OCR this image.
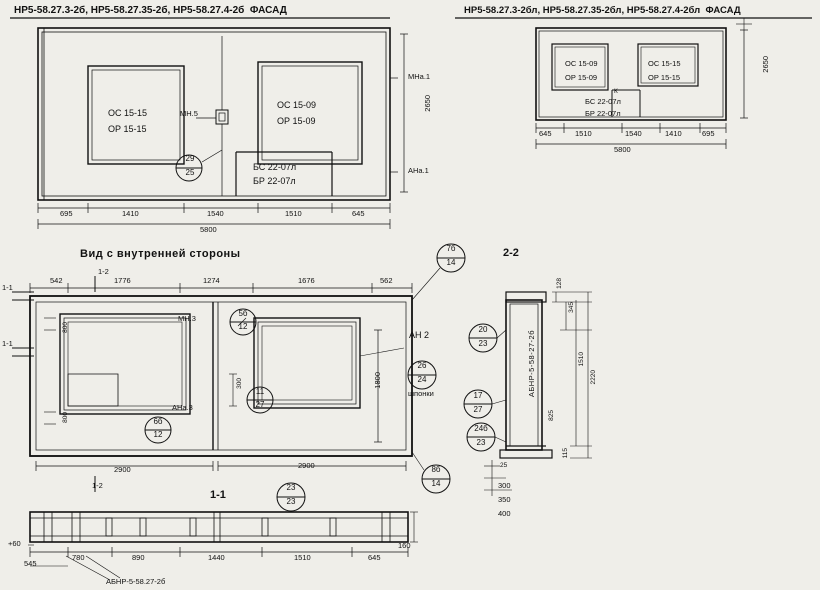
НР5-58.27.3-2б, НР5-58.27.35-2б, НР5-58.27.4-2б  ФАСАД	НР5-58.27.3-2бл, НР5-58.27.35-2бл, НР5-58.27.4-2бл  ФАСАД
ОС 15-15
ОР 15-15
ОС 15-09
ОР 15-09
БС 22-07л
БР 22-07л
МН.5
МНа.1
АНа.1
2650
695	1410	1540	1510	645
5800
29
25
ОС 15-09
ОР 15-09
ОС 15-15
ОР 15-15
БС 22-07л
БР 22-07л
К
2650
645	1510	1540	1410	695
5800
Вид с внутренней стороны
542	1776	1274	1676	562
2900	2900
1800
300
МН.3
АНа.3
АН 2
шпонки
1-1
1-1
1-2
1-2
800
800
7б
14
5б
12
6б
12
11
27
26
24
8б
14
23
23
2-2
АБНР-5-58-27-2б
128
345
1510
2220
115
825
25
300
350
400
20
23
17
27
24б
23
1-1
545
780	890	1440	1510	645
160
+60
АБНР-5-58.27-2б
